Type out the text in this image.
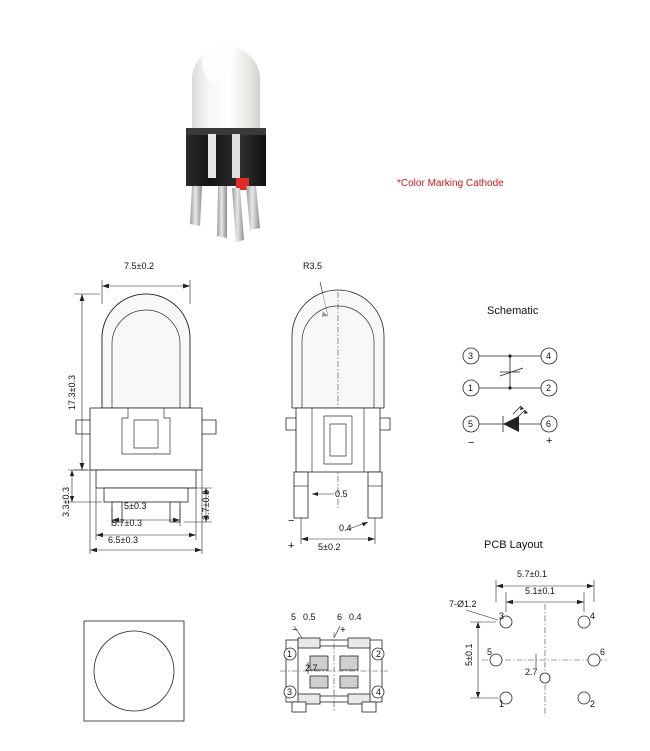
*Color Marking Cathode
7.5±0.2
17.3±0.3
3.3±0.3	3.7±0.3
5±0.3
5.7±0.3
6.5±0.3
R3.5
0.5
0.4
5±0.2
−
+
Schematic
3	4
1	2
5	6
−	+
5 0.5 6 0.4
−	+
2.7
1	2
3	4
PCB Layout
5.7±0.1
5.1±0.1
7-Ø1.2
5±0.1
2.7
3	4
5	6
1	2
